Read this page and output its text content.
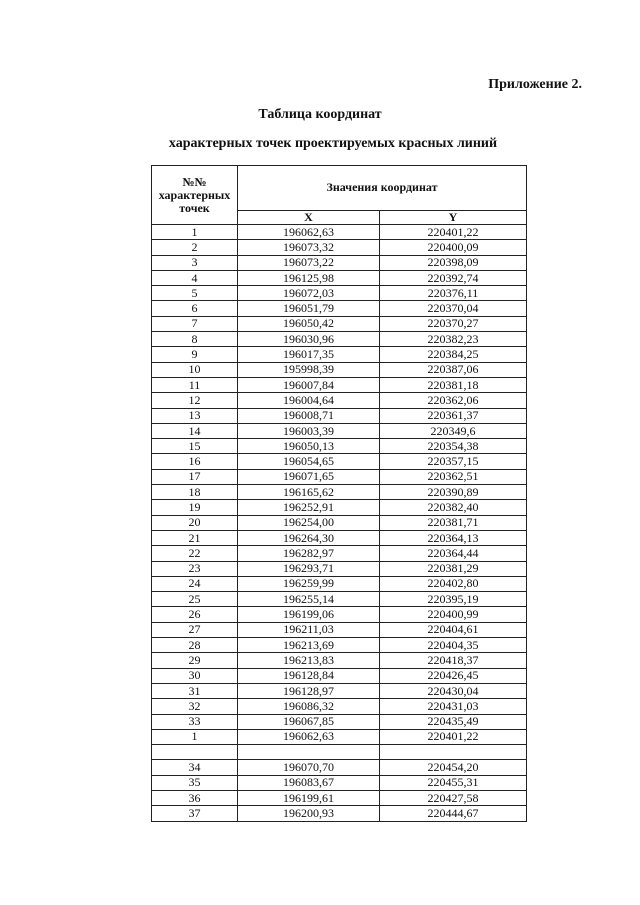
Приложение 2.
Таблица координат
характерных точек проектируемых красных линий
№№
характерных
точек	Значения координат	
	X	Y
1	196062,63	220401,22
2	196073,32	220400,09
3	196073,22	220398,09
4	196125,98	220392,74
5	196072,03	220376,11
6	196051,79	220370,04
7	196050,42	220370,27
8	196030,96	220382,23
9	196017,35	220384,25
10	195998,39	220387,06
11	196007,84	220381,18
12	196004,64	220362,06
13	196008,71	220361,37
14	196003,39	220349,6
15	196050,13	220354,38
16	196054,65	220357,15
17	196071,65	220362,51
18	196165,62	220390,89
19	196252,91	220382,40
20	196254,00	220381,71
21	196264,30	220364,13
22	196282,97	220364,44
23	196293,71	220381,29
24	196259,99	220402,80
25	196255,14	220395,19
26	196199,06	220400,99
27	196211,03	220404,61
28	196213,69	220404,35
29	196213,83	220418,37
30	196128,84	220426,45
31	196128,97	220430,04
32	196086,32	220431,03
33	196067,85	220435,49
1	196062,63	220401,22

34	196070,70	220454,20
35	196083,67	220455,31
36	196199,61	220427,58
37	196200,93	220444,67
